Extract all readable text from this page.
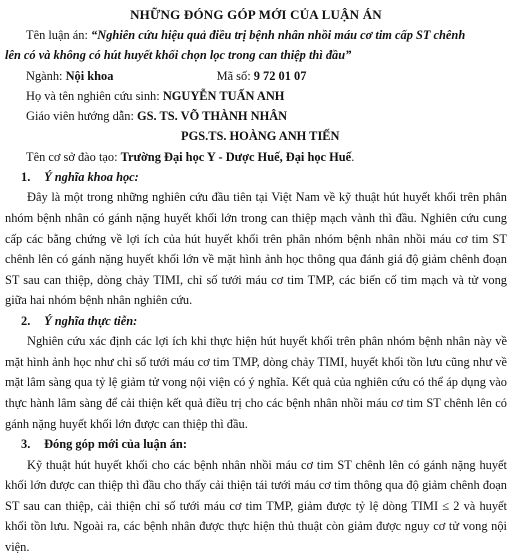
NHỮNG ĐÓNG GÓP MỚI CỦA LUẬN ÁN

Tên luận án: “Nghiên cứu hiệu quả điều trị bệnh nhân nhồi máu cơ tim cấp ST chênh

lên có và không có hút huyết khối chọn lọc trong can thiệp thì đầu”

Ngành: Nội khoa	Mã số: 9 72 01 07

Họ và tên nghiên cứu sinh: NGUYỄN TUẤN ANH

Giáo viên hướng dẫn: GS. TS. VÕ THÀNH NHÂN

PGS.TS. HOÀNG ANH TIẾN

Tên cơ sở đào tạo: Trường Đại học Y - Dược Huế, Đại học Huế.

1. Ý nghĩa khoa học:

Đây là một trong những nghiên cứu đầu tiên tại Việt Nam về kỹ thuật hút huyết khối trên phân nhóm bệnh nhân có gánh nặng huyết khối lớn trong can thiệp mạch vành thì đầu. Nghiên cứu cung cấp các bằng chứng về lợi ích của hút huyết khối trên phân nhóm bệnh nhân nhồi máu cơ tim ST chênh lên có gánh nặng huyết khối lớn về mặt hình ảnh học thông qua đánh giá độ giảm chênh đoạn ST sau can thiệp, dòng chảy TIMI, chỉ số tưới máu cơ tim TMP, các biến cố tim mạch và tử vong giữa hai nhóm bệnh nhân nghiên cứu.

2. Ý nghĩa thực tiễn:

Nghiên cứu xác định các lợi ích khi thực hiện hút huyết khối trên phân nhóm bệnh nhân này về mặt hình ảnh học như chỉ số tưới máu cơ tim TMP, dòng chảy TIMI, huyết khối tồn lưu cũng như về mặt lâm sàng qua tỷ lệ giảm tử vong nội viện có ý nghĩa. Kết quả của nghiên cứu có thể áp dụng vào thực hành lâm sàng để cải thiện kết quả điều trị cho các bệnh nhân nhồi máu cơ tim ST chênh lên có gánh nặng huyết khối lớn được can thiệp thì đầu.

3. Đóng góp mới của luận án:

Kỹ thuật hút huyết khối cho các bệnh nhân nhồi máu cơ tim ST chênh lên có gánh nặng huyết khối lớn được can thiệp thì đầu cho thấy cải thiện tái tưới máu cơ tim thông qua độ giảm chênh đoạn ST sau can thiệp, cải thiện chỉ số tưới máu cơ tim TMP, giảm được tỷ lệ dòng TIMI ≤ 2 và huyết khối tồn lưu. Ngoài ra, các bệnh nhân được thực hiện thủ thuật còn giảm được nguy cơ tử vong nội viện.
